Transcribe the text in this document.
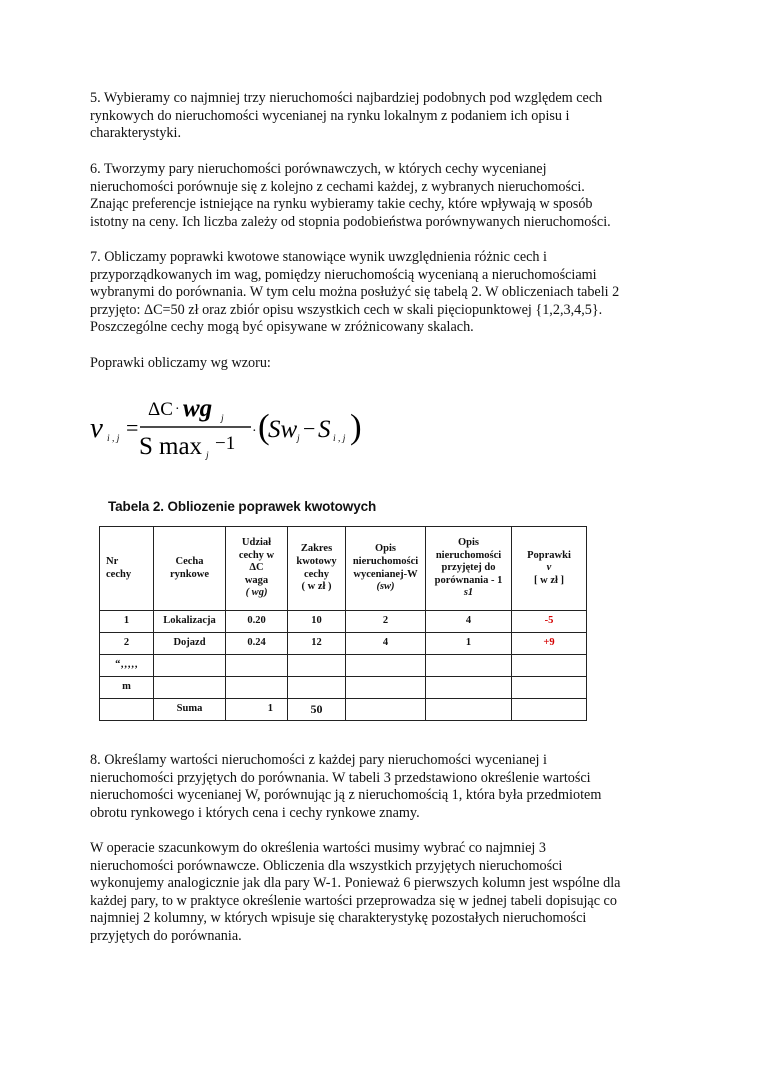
5. Wybieramy co najmniej trzy nieruchomości najbardziej podobnych pod względem cech
rynkowych do nieruchomości wycenianej na rynku lokalnym z podaniem ich opisu i
charakterystyki.

6. Tworzymy pary nieruchomości porównawczych, w których cechy wycenianej
nieruchomości porównuje się z kolejno z cechami każdej, z wybranych nieruchomości.
Znając preferencje istniejące na rynku wybieramy takie cechy, które wpływają w sposób
istotny na ceny. Ich liczba zależy od stopnia podobieństwa porównywanych nieruchomości.

7. Obliczamy poprawki kwotowe stanowiące wynik uwzględnienia różnic cech i
przyporządkowanych im wag, pomiędzy nieruchomością wycenianą a nieruchomościami
wybranymi do porównania. W tym celu można posłużyć się tabelą 2. W obliczeniach tabeli 2
przyjęto: ΔC=50 zł oraz zbiór opisu wszystkich cech w skali pięciopunktowej {1,2,3,4,5}.
Poszczególne cechy mogą być opisywane w zróżnicowany skalach.

Poprawki obliczamy wg wzoru:

v i , j =
ΔC · wg j
S max j
−1
· (
Sw j − S i , j )

Tabela 2. Obliozenie poprawek kwotowych

Nr
cechy	Cecha
rynkowe	Udział
cechy w
ΔC
waga
( wg)	Zakres
kwotowy
cechy
( w zł )	Opis
nieruchomości
wycenianej-W
(sw)	Opis
nieruchomości
przyjętej do
porównania - 1
s1	Poprawki
v
[ w zł ]

1	Lokalizacja	0.20	10	2	4	-5
2	Dojazd	0.24	12	4	1	+9
“‚‚‚‚‚						
m						
	Suma	1	50			

8. Określamy wartości nieruchomości z każdej pary nieruchomości wycenianej i
nieruchomości przyjętych do porównania. W tabeli 3 przedstawiono określenie wartości
nieruchomości wycenianej W, porównując ją z nieruchomością 1, która była przedmiotem
obrotu rynkowego i których cena i cechy rynkowe znamy.

W operacie szacunkowym do określenia wartości musimy wybrać co najmniej 3
nieruchomości porównawcze. Obliczenia dla wszystkich przyjętych nieruchomości
wykonujemy analogicznie jak dla pary W-1. Ponieważ 6 pierwszych kolumn jest wspólne dla
każdej pary, to w praktyce określenie wartości przeprowadza się w jednej tabeli dopisując co
najmniej 2 kolumny, w których wpisuje się charakterystykę pozostałych nieruchomości
przyjętych do porównania.
